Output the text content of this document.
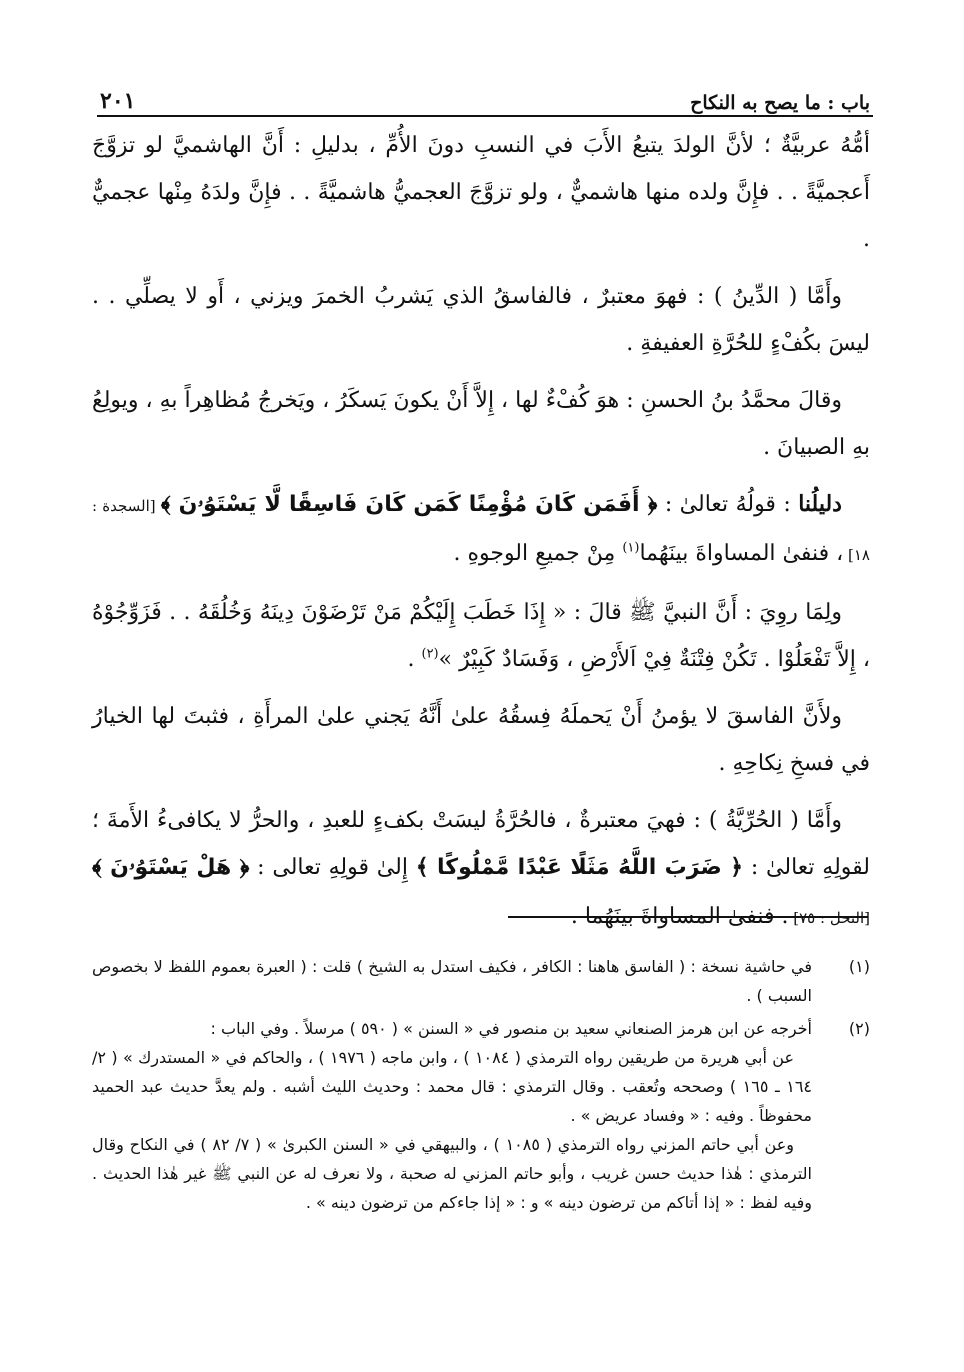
باب : ما يصح به النكاح
٢٠١

أمُّهُ عربيَّةٌ ؛ لأنَّ الولدَ يتبعُ الأَبَ في النسبِ دونَ الأُمِّ ، بدليلِ : أَنَّ الهاشميَّ لو تزوَّجَ أَعجميَّةً . . فإِنَّ ولده منها هاشميٌّ ، ولو تزوَّجَ العجميُّ هاشميَّةً . . فإِنَّ ولدَهُ مِنْها عجميٌّ .

وأَمَّا ( الدِّينُ ) : فهوَ معتبرٌ ، فالفاسقُ الذي يَشربُ الخمرَ ويزني ، أَو لا يصلِّي . . ليسَ بكُفْءٍ للحُرَّةِ العفيفةِ .

وقالَ محمَّدُ بنُ الحسنِ : هوَ كُفْءٌ لها ، إِلاَّ أَنْ يكونَ يَسكَرُ ، ويَخرجُ مُظاهِراً بهِ ، ويولِعُ بهِ الصبيانَ .

دليلُنا : قولُهُ تعالىٰ : ﴿ أَفَمَن كَانَ مُؤْمِنًا كَمَن كَانَ فَاسِقًا لَّا يَسْتَوُۥنَ ﴾ [السجدة : ١٨] ، فنفىٰ المساواةَ بينَهُما$^{(١)}$ مِنْ جميعِ الوجوهِ .

ولِمَا روِيَ : أَنَّ النبيَّ ﷺ قالَ : « إِذَا خَطَبَ إِلَيْكُمْ مَنْ تَرْضَوْنَ دِينَهُ وَخُلُقَهُ . . فَزَوِّجُوْهُ ، إِلاَّ تَفْعَلُوْا . تَكُنْ فِتْنَةٌ فِيْ اَلأَرْضِ ، وَفَسَادٌ كَبِيْرٌ »$^{(٢)}$ .

ولأَنَّ الفاسقَ لا يؤمنُ أَنْ يَحملَهُ فِسقُهُ علىٰ أَنَّهُ يَجني علىٰ المرأَةِ ، فثبتَ لها الخيارُ في فسخِ نِكاحِهِ .

وأَمَّا ( الحُرِّيَّةُ ) : فهيَ معتبرةٌ ، فالحُرَّةُ ليسَتْ بكفءٍ للعبدِ ، والحرُّ لا يكافىءُ الأَمةَ ؛ لقولِهِ تعالىٰ : ﴿ ضَرَبَ اللَّهُ مَثَلًا عَبْدًا مَّمْلُوكًا ﴾ إِلىٰ قولِهِ تعالى : ﴿ هَلْ يَسْتَوُۥنَ ﴾ [النحل : ٧٥] . فنفىٰ المساواةَ بينَهُما .

(١)

في حاشية نسخة : ( الفاسق هاهنا : الكافر ، فكيف استدل به الشيخ ) قلت : ( العبرة بعموم اللفظ لا بخصوص السبب ) .

(٢)

أخرجه عن ابن هرمز الصنعاني سعيد بن منصور في « السنن » ( ٥٩٠ ) مرسلاً . وفي الباب :

عن أبي هريرة من طريقين رواه الترمذي ( ١٠٨٤ ) ، وابن ماجه ( ١٩٧٦ ) ، والحاكم في « المستدرك » ( ٢/ ١٦٤ ـ ١٦٥ ) وصححه وتُعقب . وقال الترمذي : قال محمد : وحديث الليث أشبه . ولم يعدَّ حديث عبد الحميد محفوظاً . وفيه : « وفساد عريض » .

وعن أبي حاتم المزني رواه الترمذي ( ١٠٨٥ ) ، والبيهقي في « السنن الكبرىٰ » ( ٧/ ٨٢ ) في النكاح وقال الترمذي : هٰذا حديث حسن غريب ، وأبو حاتم المزني له صحبة ، ولا نعرف له عن النبي ﷺ غير هٰذا الحديث . وفيه لفظ : « إذا أتاكم من ترضون دينه » و : « إذا جاءكم من ترضون دينه » .
